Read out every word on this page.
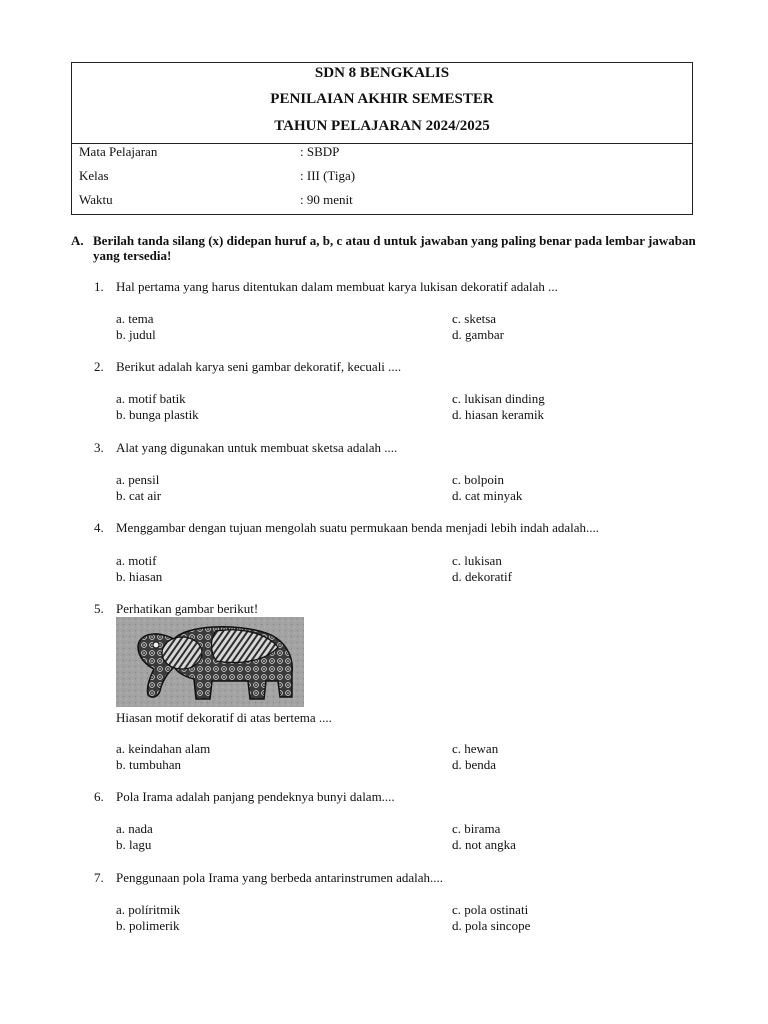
SDN 8 BENGKALIS
PENILAIAN AKHIR SEMESTER
TAHUN PELAJARAN 2024/2025
Mata Pelajaran	: SBDP
Kelas	: III (Tiga)
Waktu	: 90 menit
A. Berilah tanda silang (x) didepan huruf a, b, c atau d untuk jawaban yang paling benar pada lembar jawaban yang tersedia!
1. Hal pertama yang harus ditentukan dalam membuat karya lukisan dekoratif adalah ...
a. tema
b. judul
c. sketsa
d. gambar
2. Berikut adalah karya seni gambar dekoratif, kecuali ....
a. motif batik
b. bunga plastik
c. lukisan dinding
d. hiasan keramik
3. Alat yang digunakan untuk membuat sketsa adalah ....
a. pensil
b. cat air
c. bolpoin
d. cat minyak
4. Menggambar dengan tujuan mengolah suatu permukaan benda menjadi lebih indah adalah....
a. motif
b. hiasan
c. lukisan
d. dekoratif
5. Perhatikan gambar berikut!
Hiasan motif dekoratif di atas bertema ....
a. keindahan alam
b. tumbuhan
c. hewan
d. benda
6. Pola Irama adalah panjang pendeknya bunyi dalam....
a. nada
b. lagu
c. birama
d. not angka
7. Penggunaan pola Irama yang berbeda antarinstrumen adalah....
a. políritmik
b. polimerik
c. pola ostinati
d. pola sincope
